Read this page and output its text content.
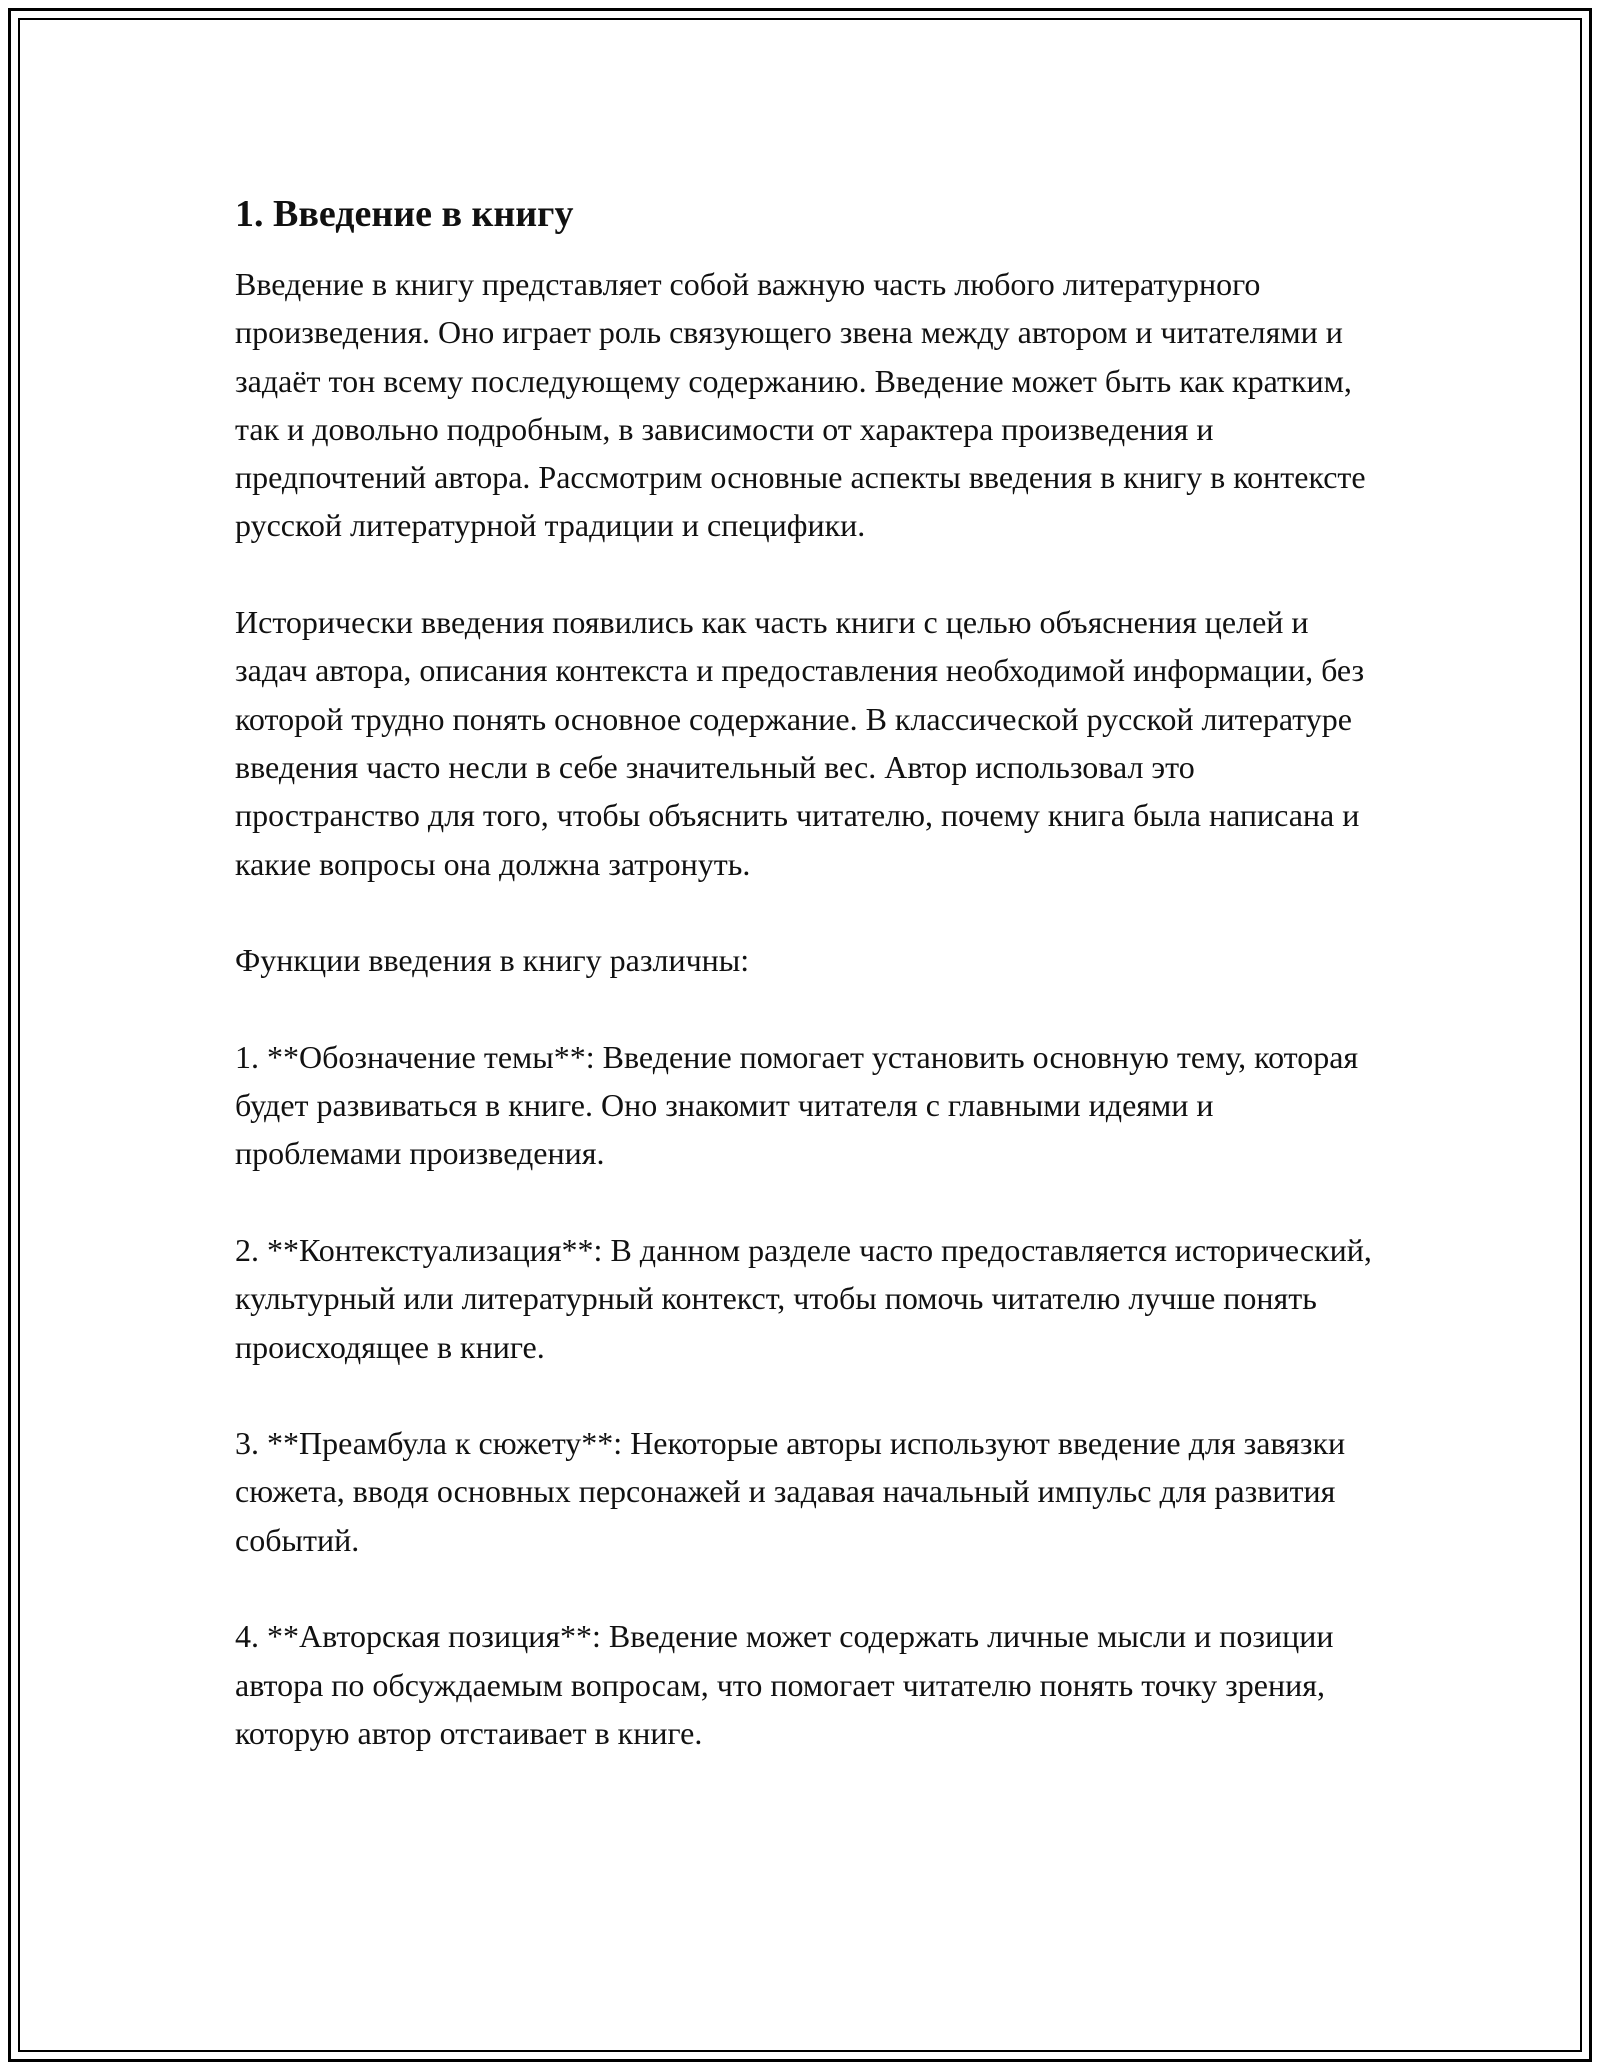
1. Введение в книгу

Введение в книгу представляет собой важную часть любого литературного произведения. Оно играет роль связующего звена между автором и читателями и задаёт тон всему последующему содержанию. Введение может быть как кратким, так и довольно подробным, в зависимости от характера произведения и предпочтений автора. Рассмотрим основные аспекты введения в книгу в контексте русской литературной традиции и специфики.

Исторически введения появились как часть книги с целью объяснения целей и задач автора, описания контекста и предоставления необходимой информации, без которой трудно понять основное содержание. В классической русской литературе введения часто несли в себе значительный вес. Автор использовал это пространство для того, чтобы объяснить читателю, почему книга была написана и какие вопросы она должна затронуть.

Функции введения в книгу различны:

1. **Обозначение темы**: Введение помогает установить основную тему, которая будет развиваться в книге. Оно знакомит читателя с главными идеями и проблемами произведения.

2. **Контекстуализация**: В данном разделе часто предоставляется исторический, культурный или литературный контекст, чтобы помочь читателю лучше понять происходящее в книге.

3. **Преамбула к сюжету**: Некоторые авторы используют введение для завязки сюжета, вводя основных персонажей и задавая начальный импульс для развития событий.

4. **Авторская позиция**: Введение может содержать личные мысли и позиции автора по обсуждаемым вопросам, что помогает читателю понять точку зрения, которую автор отстаивает в книге.
